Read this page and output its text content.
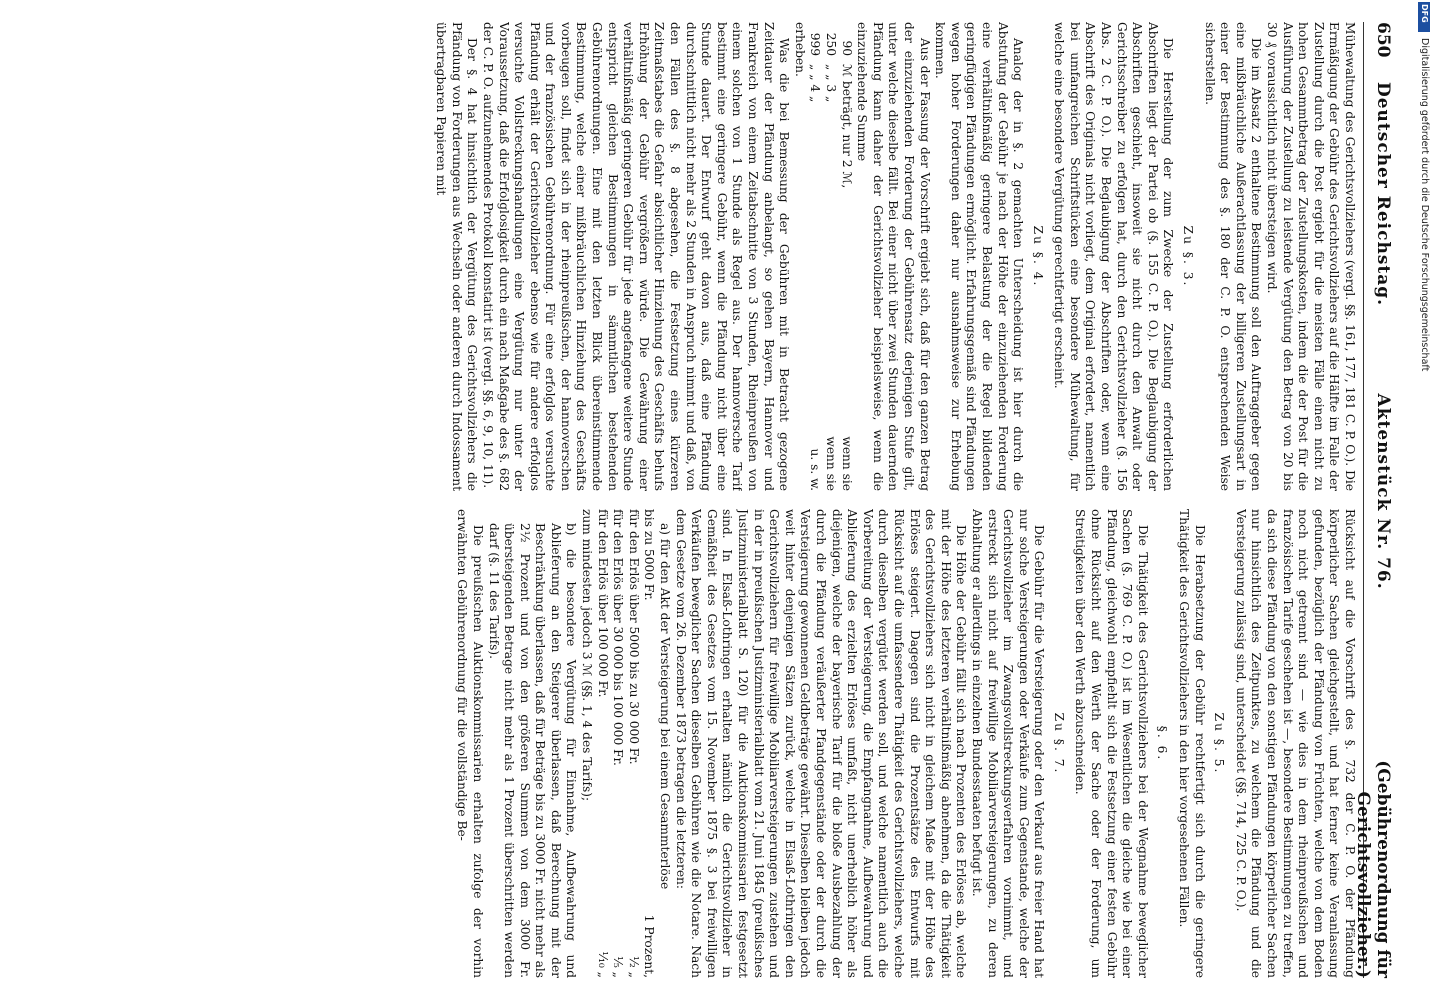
650
Deutscher Reichstag.
Aktenstück Nr. 76.
(Gebührenordnung für Gerichtsvollzieher.)

Mühewaltung des Gerichtsvollziehers (vergl. §§. 161, 177, 181 C. P. O.). Die Ermäßigung der Gebühr des Gerichtsvollziehers auf die Hälfte im Falle der Zustellung durch die Post ergiebt für die meisten Fälle einen nicht zu hohen Gesammtbetrag der Zustellungskosten, indem die der Post für die Ausführung der Zustellung zu leistende Vergütung den Betrag von 20 bis 30 ₰ voraussichtlich nicht übersteigen wird.

Die im Absatz 2 enthaltene Bestimmung soll den Auftraggeber gegen eine mißbräuchliche Außerachtlassung der billigeren Zustellungsart in einer der Bestimmung des §. 180 der C. P. O. entsprechenden Weise sicherstellen.

Zu §. 3.

Die Herstellung der zum Zwecke der Zustellung erforderlichen Abschriften liegt der Partei ob (§. 155 C. P. O.). Die Beglaubigung der Abschriften geschieht, insoweit sie nicht durch den Anwalt oder Gerichtsschreiber zu erfolgen hat, durch den Gerichtsvollzieher (§. 156 Abs. 2 C. P. O.). Die Beglaubigung der Abschriften oder, wenn eine Abschrift des Originals nicht vorliegt, dem Original erfordert, namentlich bei umfangreichen Schriftstücken eine besondere Mühewaltung, für welche eine besondere Vergütung gerechtfertigt erscheint.

Zu §. 4.

Analog der in §. 2 gemachten Unterscheidung ist hier durch die Abstufung der Gebühr je nach der Höhe der einzuziehenden Forderung eine verhältnißmäßig geringere Belastung der die Regel bildenden geringfügigen Pfändungen ermöglicht. Erfahrungsgemäß sind Pfändungen wegen hoher Forderungen daher nur ausnahmsweise zur Erhebung kommen.

Aus der Fassung der Vorschrift ergiebt sich, daß für den ganzen Betrag der einzuziehenden Forderung der Gebührensatz derjenigen Stufe gilt, unter welche dieselbe fällt. Bei einer nicht über zwei Stunden dauernden Pfändung kann daher der Gerichtsvollzieher beispielsweise, wenn die einzuziehende Summe

90
ℳ beträgt, nur 2 ℳ,
wenn sie
250
„ „ 3 „
wenn sie
999
„ „ 4 „
u. s. w.

erheben.

Was die bei Bemessung der Gebühren mit in Betracht gezogene Zeitdauer der Pfändung anbelangt, so gehen Bayern, Hannover und Frankreich von einem Zeitabschnitte von 3 Stunden, Rheinpreußen von einem solchen von 1 Stunde als Regel aus. Der hannoversche Tarif bestimmt eine geringere Gebühr, wenn die Pfändung nicht über eine Stunde dauert. Der Entwurf geht davon aus, daß eine Pfändung durchschnittlich nicht mehr als 2 Stunden in Anspruch nimmt und daß, von den Fällen des §. 8 abgesehen, die Festsetzung eines kürzeren Zeitmaßstabes die Gefahr absichtlicher Hinziehung des Geschäfts behufs Erhöhung der Gebühr vergrößern würde. Die Gewährung einer verhältnißmäßig geringeren Gebühr für jede angefangene weitere Stunde entspricht gleichen Bestimmungen in sämmtlichen bestehenden Gebührenordnungen. Eine mit den letzten Blick übereinstimmende Bestimmung, welche einer mißbräuchlichen Hinziehung des Geschäfts vorbeugen soll, findet sich in der rheinpreußischen, der hannoverschen und der französischen Gebührenordnung. Für eine erfolglos versuchte Pfändung erhält der Gerichtsvollzieher ebenso wie für andere erfolglos versuchte Vollstreckungshandlungen eine Vergütung nur unter der Voraussetzung, daß die Erfolglosigkeit durch ein nach Maßgabe des §. 682 der C. P. O. aufzunehmendes Protokoll konstatirt ist (vergl. §§. 6, 9, 10, 11).

Der §. 4 hat hinsichtlich der Vergütung des Gerichtsvollziehers die Pfändung von Forderungen aus Wechseln oder anderen durch Indossament übertragbaren Papieren mit

Rücksicht auf die Vorschrift des §. 732 der C. P. O. der Pfändung körperlicher Sachen gleichgestellt, und hat ferner keine Veranlassung gefunden, bezüglich der Pfändung von Früchten, welche von dem Boden noch nicht getrennt sind — wie dies in dem rheinpreußischen und französischen Tarife geschehen ist —, besondere Bestimmungen zu treffen, da sich diese Pfändung von den sonstigen Pfändungen körperlicher Sachen nur hinsichtlich des Zeitpunktes, zu welchem die Pfändung und die Versteigerung zulässig sind, unterscheidet (§§. 714, 725 C. P. O.).

Zu §. 5.

Die Herabsetzung der Gebühr rechtfertigt sich durch die geringere Thätigkeit des Gerichtsvollziehers in den hier vorgesehenen Fällen.

§. 6.

Die Thätigkeit des Gerichtsvollziehers bei der Wegnahme beweglicher Sachen (§. 769 C. P. O.) ist im Wesentlichen die gleiche wie bei einer Pfändung, gleichwohl empfiehlt sich die Festsetzung einer festen Gebühr ohne Rücksicht auf den Werth der Sache oder der Forderung, um Streitigkeiten über den Werth abzuschneiden.

Zu §. 7.

Die Gebühr für die Versteigerung oder den Verkauf aus freier Hand hat nur solche Versteigerungen oder Verkäufe zum Gegenstande, welche der Gerichtsvollzieher im Zwangsvollstreckungsverfahren vornimmt, und erstreckt sich nicht auf freiwillige Mobiliarversteigerungen, zu deren Abhaltung er allerdings in einzelnen Bundesstaaten befugt ist.

Die Höhe der Gebühr fällt sich nach Prozenten des Erlöses ab, welche mit der Höhe des letzteren verhältnißmäßig abnehmen, da die Thätigkeit des Gerichtsvollziehers sich nicht in gleichem Maße mit der Höhe des Erlöses steigert. Dagegen sind die Prozentsätze des Entwurfs mit Rücksicht auf die umfassendere Thätigkeit des Gerichtsvollziehers, welche durch dieselben vergütet werden soll, und welche namentlich auch die Vorbereitung der Versteigerung, die Empfangnahme, Aufbewahrung und Ablieferung des erzielten Erlöses umfaßt, nicht unerheblich höher als diejenigen, welche der bayerische Tarif für die bloße Ausbezahlung der durch die Pfändung veräußerter Pfandgegenstände oder der durch die Versteigerung gewonnenen Geldbeträge gewährt. Dieselben bleiben jedoch weit hinter denjenigen Sätzen zurück, welche in Elsaß-Lothringen den Gerichtsvollziehern für freiwillige Mobiliarversteigerungen zustehen und in der in preußischen Justizministerialblatt vom 21. Juni 1845 (preußisches Justizministerialblatt S. 120) für die Auktionskommissarien festgesetzt sind. In Elsaß-Lothringen erhalten nämlich die Gerichtsvollzieher in Gemäßheit des Gesetzes vom 15. November 1875 §. 3 bei freiwilligen Verkäufen beweglicher Sachen dieselben Gebühren wie die Notare. Nach dem Gesetze vom 26. Dezember 1873 betragen die letzteren:

a) für den Akt der Versteigerung bei einem Gesammterlöse

bis zu 5000 Fr.
1 Prozent,
für den Erlös über 5000 bis zu 30 000 Fr.
½ „
für den Erlös über 30 000 bis 100 000 Fr.
⅕ „
für den Erlös über 100 000 Fr.
⅒ „

zum mindesten jedoch 3 ℳ (§§. 1, 4 des Tarifs);

b) die besondere Vergütung für Einnahme, Aufbewahrung und Ablieferung an den Steigerer überlassen, daß Berechnung mit der Beschränkung überlassen, daß für Beträge bis zu 3000 Fr. nicht mehr als 2½ Prozent und von den größeren Summen von dem 3000 Fr. übersteigenden Betrage nicht mehr als 1 Prozent überschritten werden darf (§. 11 des Tarifs).

Die preußischen Auktionskommissarien erhalten zufolge der vorhin erwähnten Gebührenordnung für die vollständige Be-

DFG
Digitalisierung gefördert durch die Deutsche Forschungsgemeinschaft
